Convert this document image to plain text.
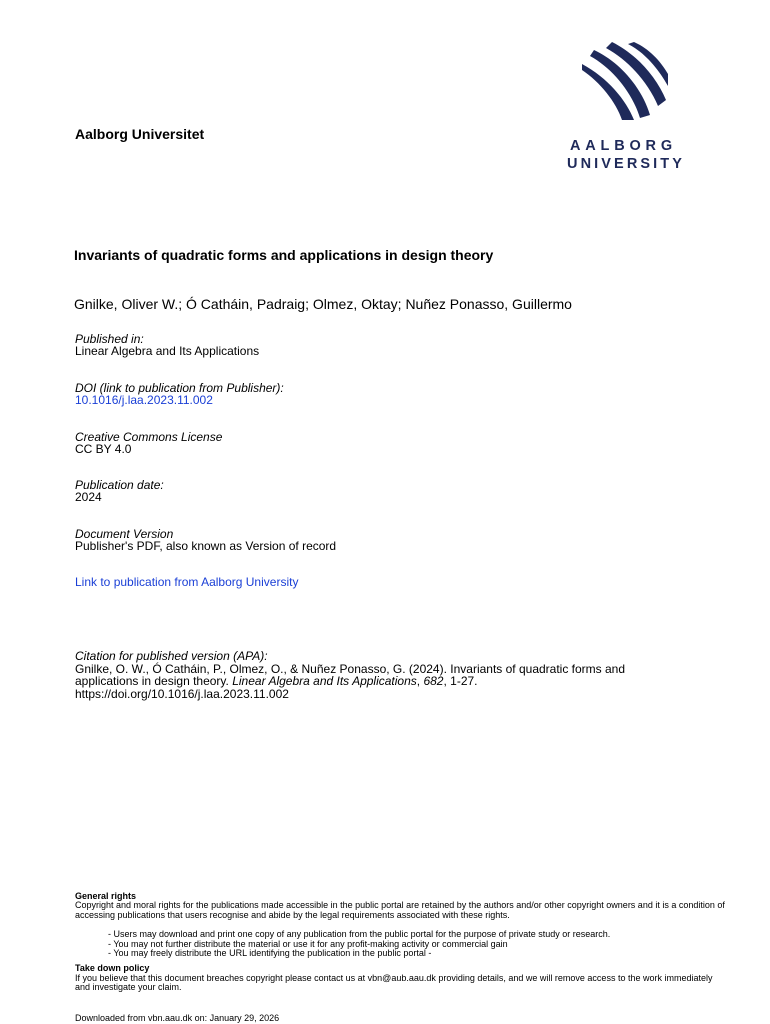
Aalborg Universitet
AALBORG
UNIVERSITY
Invariants of quadratic forms and applications in design theory
Gnilke, Oliver W.; Ó Catháin, Padraig; Olmez, Oktay; Nuñez Ponasso, Guillermo
Published in:
Linear Algebra and Its Applications
DOI (link to publication from Publisher):
10.1016/j.laa.2023.11.002
Creative Commons License
CC BY 4.0
Publication date:
2024
Document Version
Publisher's PDF, also known as Version of record
Link to publication from Aalborg University
Citation for published version (APA):
Gnilke, O. W., Ó Catháin, P., Olmez, O., & Nuñez Ponasso, G. (2024). Invariants of quadratic forms and applications in design theory. Linear Algebra and Its Applications, 682, 1-27.
https://doi.org/10.1016/j.laa.2023.11.002
General rights
Copyright and moral rights for the publications made accessible in the public portal are retained by the authors and/or other copyright owners and it is a condition of accessing publications that users recognise and abide by the legal requirements associated with these rights.
- Users may download and print one copy of any publication from the public portal for the purpose of private study or research.
- You may not further distribute the material or use it for any profit-making activity or commercial gain
- You may freely distribute the URL identifying the publication in the public portal -
Take down policy
If you believe that this document breaches copyright please contact us at vbn@aub.aau.dk providing details, and we will remove access to the work immediately and investigate your claim.
Downloaded from vbn.aau.dk on: January 29, 2026
